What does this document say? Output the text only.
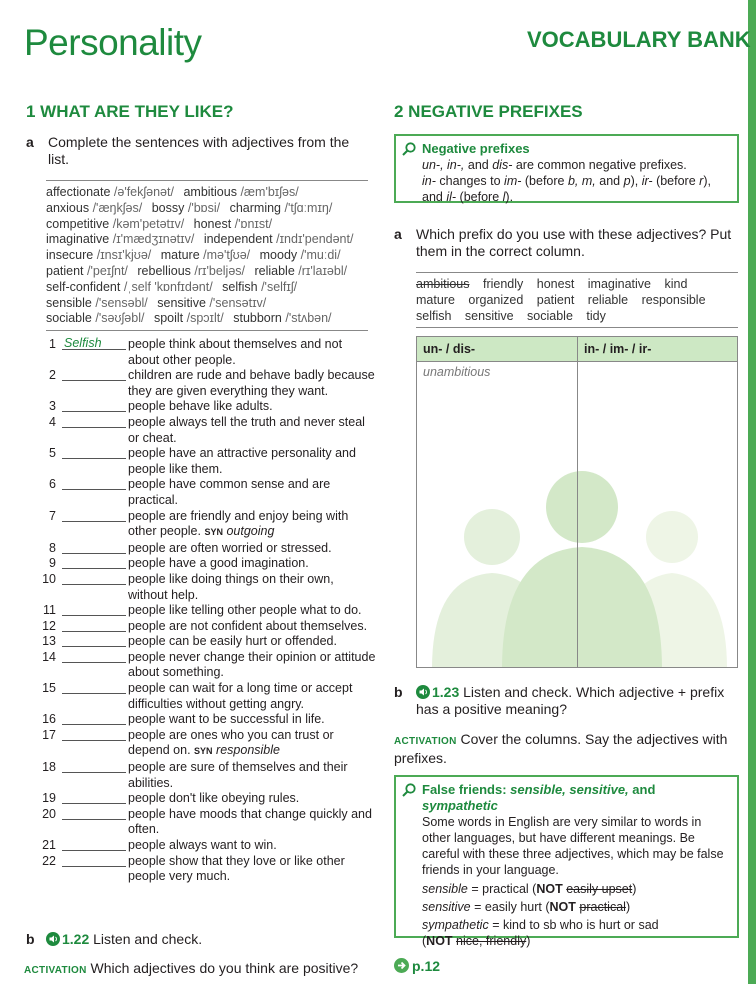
Personality	VOCABULARY BANK
1 WHAT ARE THEY LIKE?
a Complete the sentences with adjectives from the list.
affectionate /ə'fekʃənət/ ambitious /æm'bɪʃəs/ anxious /'æŋkʃəs/ bossy /'bɒsi/ charming /'tʃɑːmɪŋ/ competitive /kəm'petətɪv/ honest /'ɒnɪst/ imaginative /ɪ'mædʒɪnətɪv/ independent /ɪndɪ'pendənt/ insecure /ɪnsɪ'kjʊə/ mature /mə'tʃʊə/ moody /'muːdi/ patient /'peɪʃnt/ rebellious /rɪ'beljəs/ reliable /rɪ'laɪəbl/ self-confident /ˌself 'kɒnfɪdənt/ selfish /'selfɪʃ/ sensible /'sensəbl/ sensitive /'sensətɪv/ sociable /'səʊʃəbl/ spoilt /spɔɪlt/ stubborn /'stʌbən/
1 Selfish	people think about themselves and not about other people.
2	children are rude and behave badly because they are given everything they want.
3	people behave like adults.
4	people always tell the truth and never steal or cheat.
5	people have an attractive personality and people like them.
6	people have common sense and are practical.
7	people are friendly and enjoy being with other people. SYN outgoing
8	people are often worried or stressed.
9	people have a good imagination.
10	people like doing things on their own, without help.
11	people like telling other people what to do.
12	people are not confident about themselves.
13	people can be easily hurt or offended.
14	people never change their opinion or attitude about something.
15	people can wait for a long time or accept difficulties without getting angry.
16	people want to be successful in life.
17	people are ones who you can trust or depend on. SYN responsible
18	people are sure of themselves and their abilities.
19	people don't like obeying rules.
20	people have moods that change quickly and often.
21	people always want to win.
22	people show that they love or like other people very much.
b	1.22 Listen and check.
ACTIVATION Which adjectives do you think are positive?
2 NEGATIVE PREFIXES
Negative prefixes
un-, in-, and dis- are common negative prefixes.
in- changes to im- (before b, m, and p), ir- (before r),
and il- (before l).
a Which prefix do you use with these adjectives? Put them in the correct column.
ambitious friendly honest imaginative kind mature organized patient reliable responsible selfish sensitive sociable tidy
un- / dis-	in- / im- / ir-
unambitious
b	1.23 Listen and check. Which adjective + prefix has a positive meaning?
ACTIVATION Cover the columns. Say the adjectives with prefixes.
False friends: sensible, sensitive, and sympathetic
Some words in English are very similar to words in other languages, but have different meanings. Be careful with these three adjectives, which may be false friends in your language.
sensible = practical (NOT easily upset)
sensitive = easily hurt (NOT practical)
sympathetic = kind to sb who is hurt or sad
(NOT nice, friendly)
p.12
